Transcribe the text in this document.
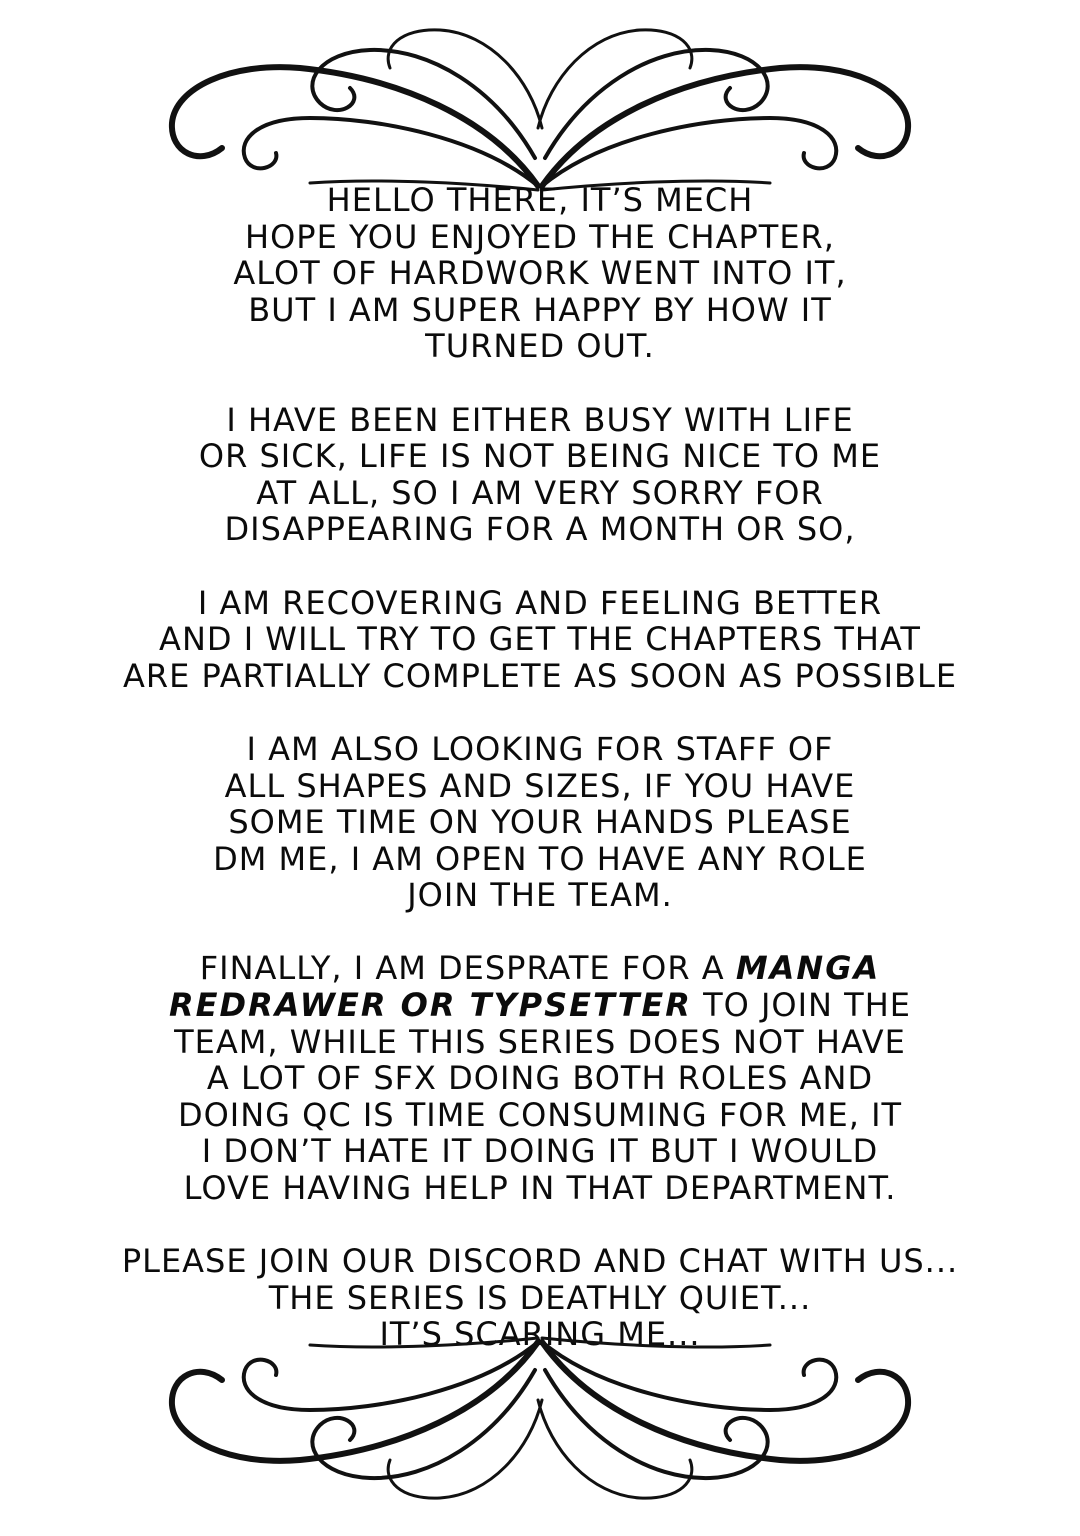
HELLO THERE, IT’S MECH
HOPE YOU ENJOYED THE CHAPTER,
ALOT OF HARDWORK WENT INTO IT,
BUT I AM SUPER HAPPY BY HOW IT
TURNED OUT.
I HAVE BEEN EITHER BUSY WITH LIFE
OR SICK, LIFE IS NOT BEING NICE TO ME
AT ALL, SO I AM VERY SORRY FOR
DISAPPEARING FOR A MONTH OR SO,
I AM RECOVERING AND FEELING BETTER
AND I WILL TRY TO GET THE CHAPTERS THAT
ARE PARTIALLY COMPLETE AS SOON AS POSSIBLE
I AM ALSO LOOKING FOR STAFF OF
ALL SHAPES AND SIZES, IF YOU HAVE
SOME TIME ON YOUR HANDS PLEASE
DM ME, I AM OPEN TO HAVE ANY ROLE
JOIN THE TEAM.
FINALLY, I AM DESPRATE FOR A MANGA
REDRAWER OR TYPSETTER TO JOIN THE
TEAM, WHILE THIS SERIES DOES NOT HAVE
A LOT OF SFX DOING BOTH ROLES AND
DOING QC IS TIME CONSUMING FOR ME, IT
I DON’T HATE IT DOING IT BUT I WOULD
LOVE HAVING HELP IN THAT DEPARTMENT.
PLEASE JOIN OUR DISCORD AND CHAT WITH US...
THE SERIES IS DEATHLY QUIET...
IT’S SCARING ME...
